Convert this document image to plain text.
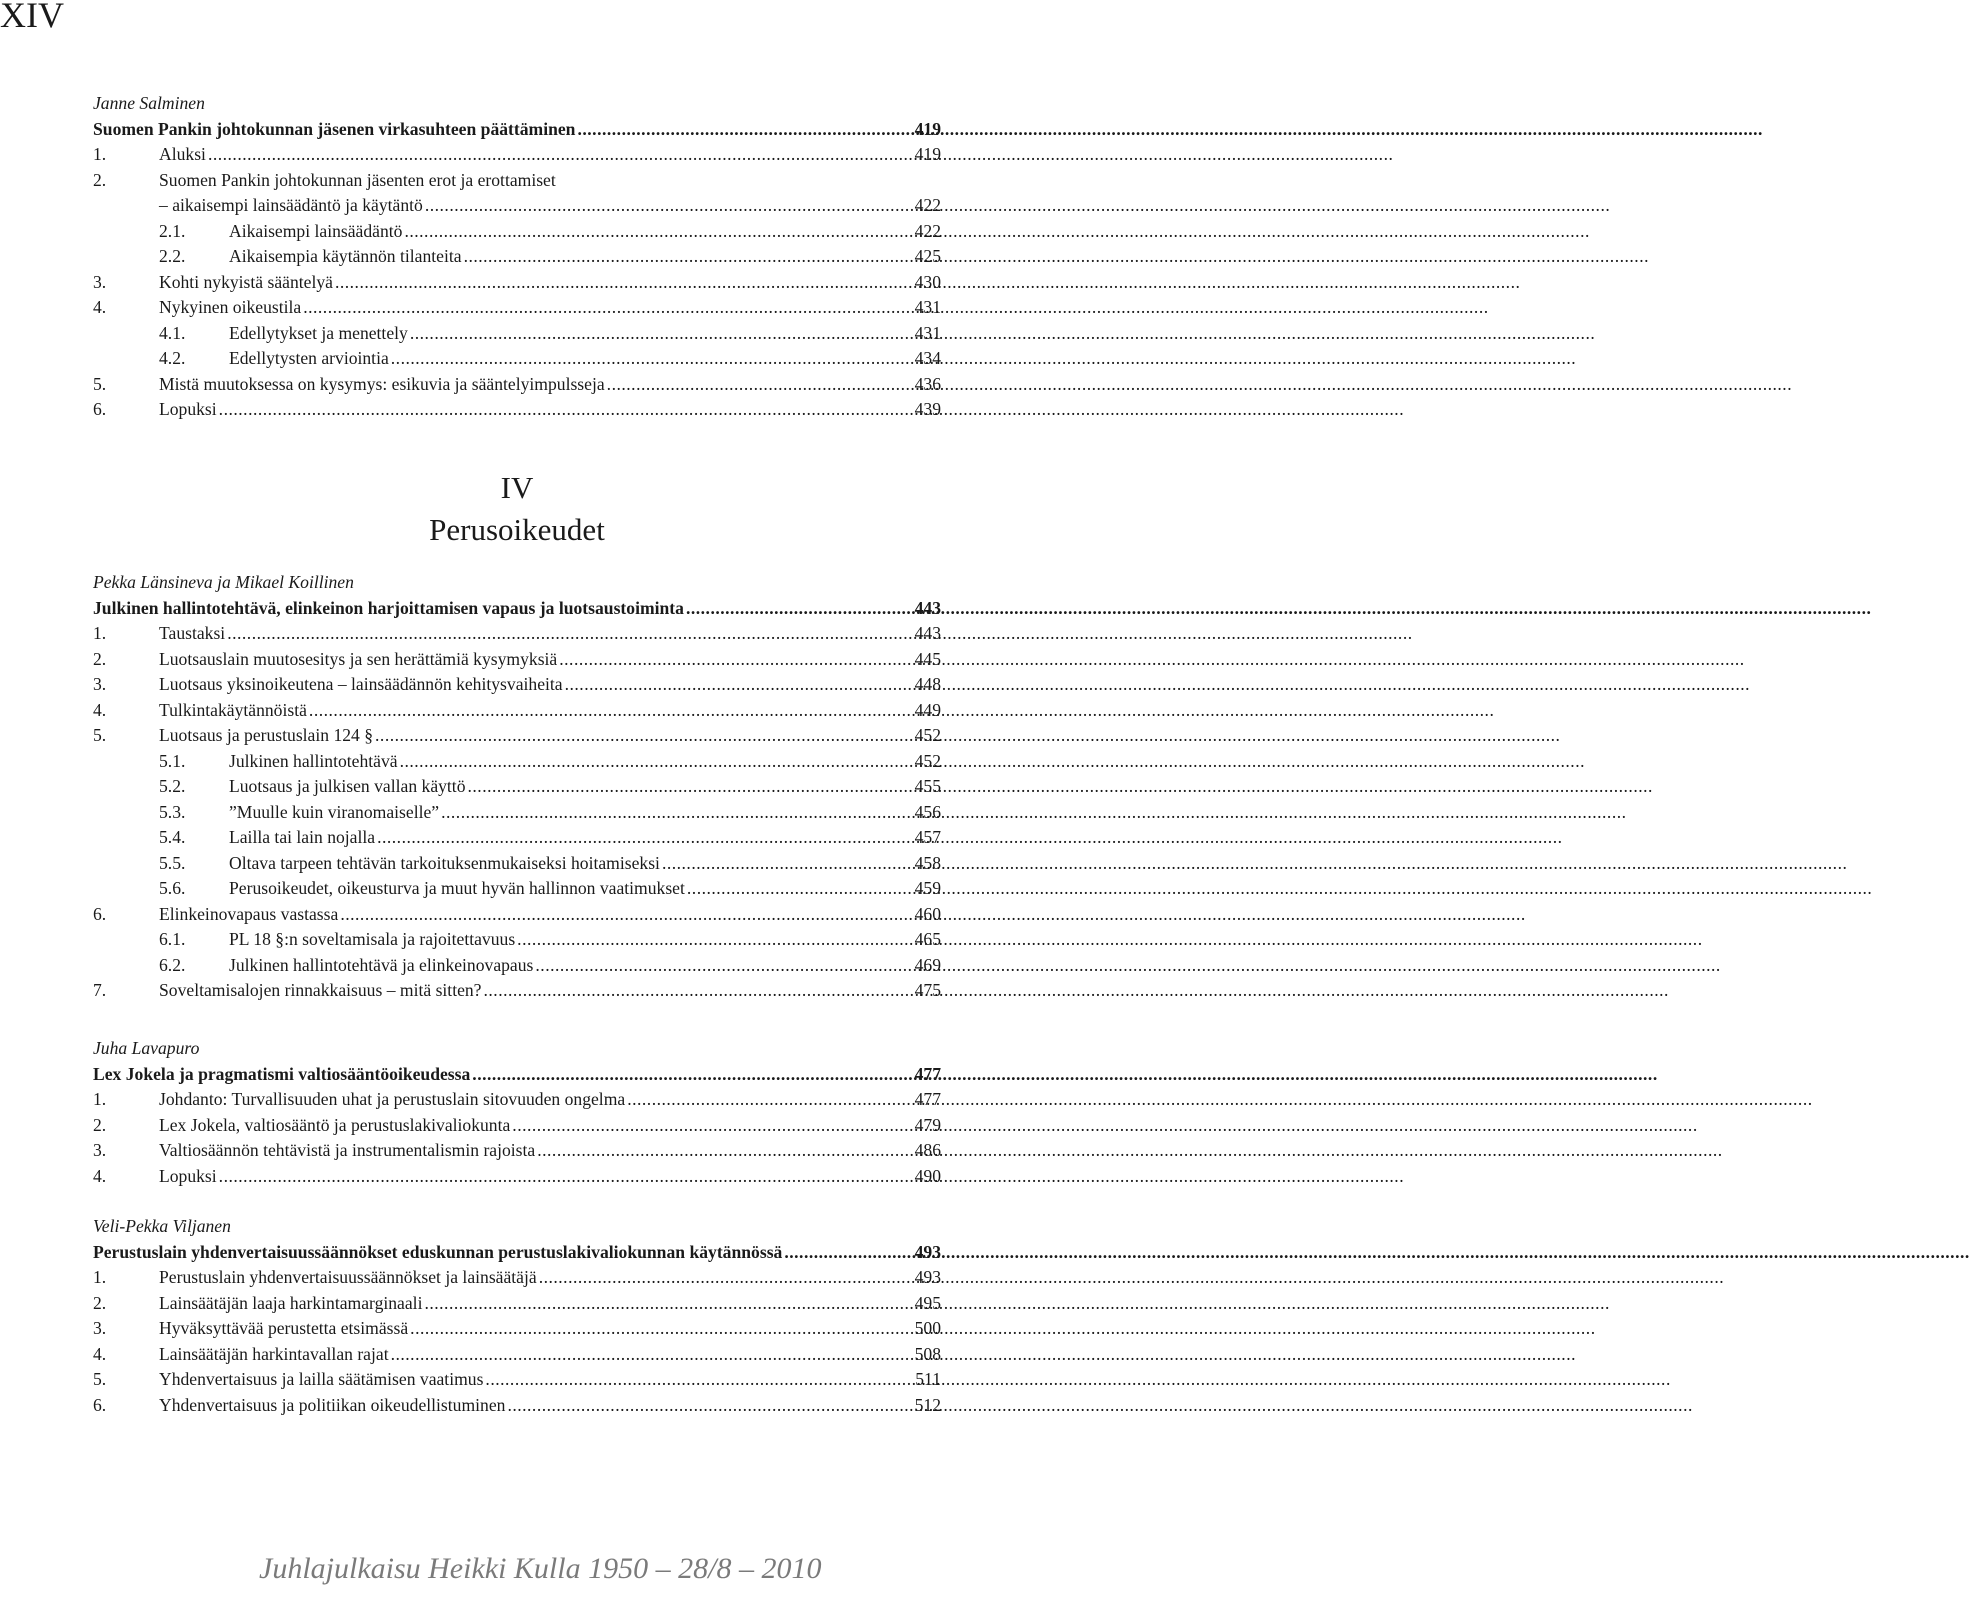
XIV
Janne Salminen
Suomen Pankin johtokunnan jäsenen virkasuhteen päättäminen .....	419
1.	Aluksi .....	419
2.	Suomen Pankin johtokunnan jäsenten erot ja erottamiset
– aikaisempi lainsäädäntö ja käytäntö .....	422
2.1.	Aikaisempi lainsäädäntö .....	422
2.2.	Aikaisempia käytännön tilanteita .....	425
3.	Kohti nykyistä sääntelyä .....	430
4.	Nykyinen oikeustila .....	431
4.1.	Edellytykset ja menettely .....	431
4.2.	Edellytysten arviointia .....	434
5.	Mistä muutoksessa on kysymys: esikuvia ja sääntelyimpulsseja .....	436
6.	Lopuksi .....	439
IV
Perusoikeudet
Pekka Länsineva ja Mikael Koillinen
Julkinen hallintotehtävä, elinkeinon harjoittamisen vapaus ja luotsaustoiminta .....	443
1.	Taustaksi .....	443
2.	Luotsauslain muutosesitys ja sen herättämiä kysymyksiä .....	445
3.	Luotsaus yksinoikeutena – lainsäädännön kehitysvaiheita .....	448
4.	Tulkintakäytännöistä .....	449
5.	Luotsaus ja perustuslain 124 § .....	452
5.1.	Julkinen hallintotehtävä .....	452
5.2.	Luotsaus ja julkisen vallan käyttö .....	455
5.3.	”Muulle kuin viranomaiselle” .....	456
5.4.	Lailla tai lain nojalla .....	457
5.5.	Oltava tarpeen tehtävän tarkoituksenmukaiseksi hoitamiseksi .....	458
5.6.	Perusoikeudet, oikeusturva ja muut hyvän hallinnon vaatimukset .....	459
6.	Elinkeinovapaus vastassa .....	460
6.1.	PL 18 §:n soveltamisala ja rajoitettavuus .....	465
6.2.	Julkinen hallintotehtävä ja elinkeinovapaus .....	469
7.	Soveltamisalojen rinnakkaisuus – mitä sitten? .....	475
Juha Lavapuro
Lex Jokela ja pragmatismi valtiosääntöoikeudessa .....	477
1.	Johdanto: Turvallisuuden uhat ja perustuslain sitovuuden ongelma .....	477
2.	Lex Jokela, valtiosääntö ja perustuslakivaliokunta .....	479
3.	Valtiosäännön tehtävistä ja instrumentalismin rajoista .....	486
4.	Lopuksi .....	490
Veli-Pekka Viljanen
Perustuslain yhdenvertaisuussäännökset eduskunnan perustuslakivaliokunnan käytännössä .....	493
1.	Perustuslain yhdenvertaisuussäännökset ja lainsäätäjä .....	493
2.	Lainsäätäjän laaja harkintamarginaali .....	495
3.	Hyväksyttävää perustetta etsimässä .....	500
4.	Lainsäätäjän harkintavallan rajat .....	508
5.	Yhdenvertaisuus ja lailla säätämisen vaatimus .....	511
6.	Yhdenvertaisuus ja politiikan oikeudellistuminen .....	512
Juhlajulkaisu Heikki Kulla 1950 – 28/8 – 2010
